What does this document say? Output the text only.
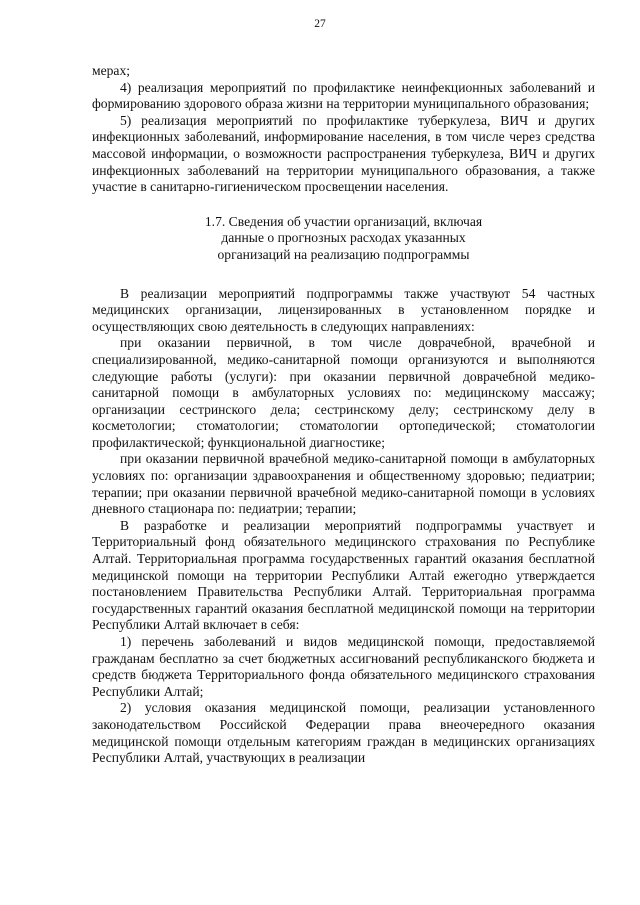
27

мерах;

4) реализация мероприятий по профилактике неинфекционных заболеваний и формированию здорового образа жизни на территории муниципального образования;

5) реализация мероприятий по профилактике туберкулеза, ВИЧ и других инфекционных заболеваний, информирование населения, в том числе через средства массовой информации, о возможности распространения туберкулеза, ВИЧ и других инфекционных заболеваний на территории муниципального образования, а также участие в санитарно-гигиеническом просвещении населения.

1.7. Сведения об участии организаций, включая
данные о прогнозных расходах указанных
организаций на реализацию подпрограммы

В реализации мероприятий подпрограммы также участвуют 54 частных медицинских организации, лицензированных в установленном порядке и осуществляющих свою деятельность в следующих направлениях:

при оказании первичной, в том числе доврачебной, врачебной и специализированной, медико-санитарной помощи организуются и выполняются следующие работы (услуги): при оказании первичной доврачебной медико-санитарной помощи в амбулаторных условиях по: медицинскому массажу; организации сестринского дела; сестринскому делу; сестринскому делу в косметологии; стоматологии; стоматологии ортопедической; стоматологии профилактической; функциональной диагностике;

при оказании первичной врачебной медико-санитарной помощи в амбулаторных условиях по: организации здравоохранения и общественному здоровью; педиатрии; терапии; при оказании первичной врачебной медико-санитарной помощи в условиях дневного стационара по: педиатрии; терапии;

В разработке и реализации мероприятий подпрограммы участвует и Территориальный фонд обязательного медицинского страхования по Республике Алтай. Территориальная программа государственных гарантий оказания бесплатной медицинской помощи на территории Республики Алтай ежегодно утверждается постановлением Правительства Республики Алтай. Территориальная программа государственных гарантий оказания бесплатной медицинской помощи на территории Республики Алтай включает в себя:

1) перечень заболеваний и видов медицинской помощи, предоставляемой гражданам бесплатно за счет бюджетных ассигнований республиканского бюджета и средств бюджета Территориального фонда обязательного медицинского страхования Республики Алтай;

2) условия оказания медицинской помощи, реализации установленного законодательством Российской Федерации права внеочередного оказания медицинской помощи отдельным категориям граждан в медицинских организациях Республики Алтай, участвующих в реализации
